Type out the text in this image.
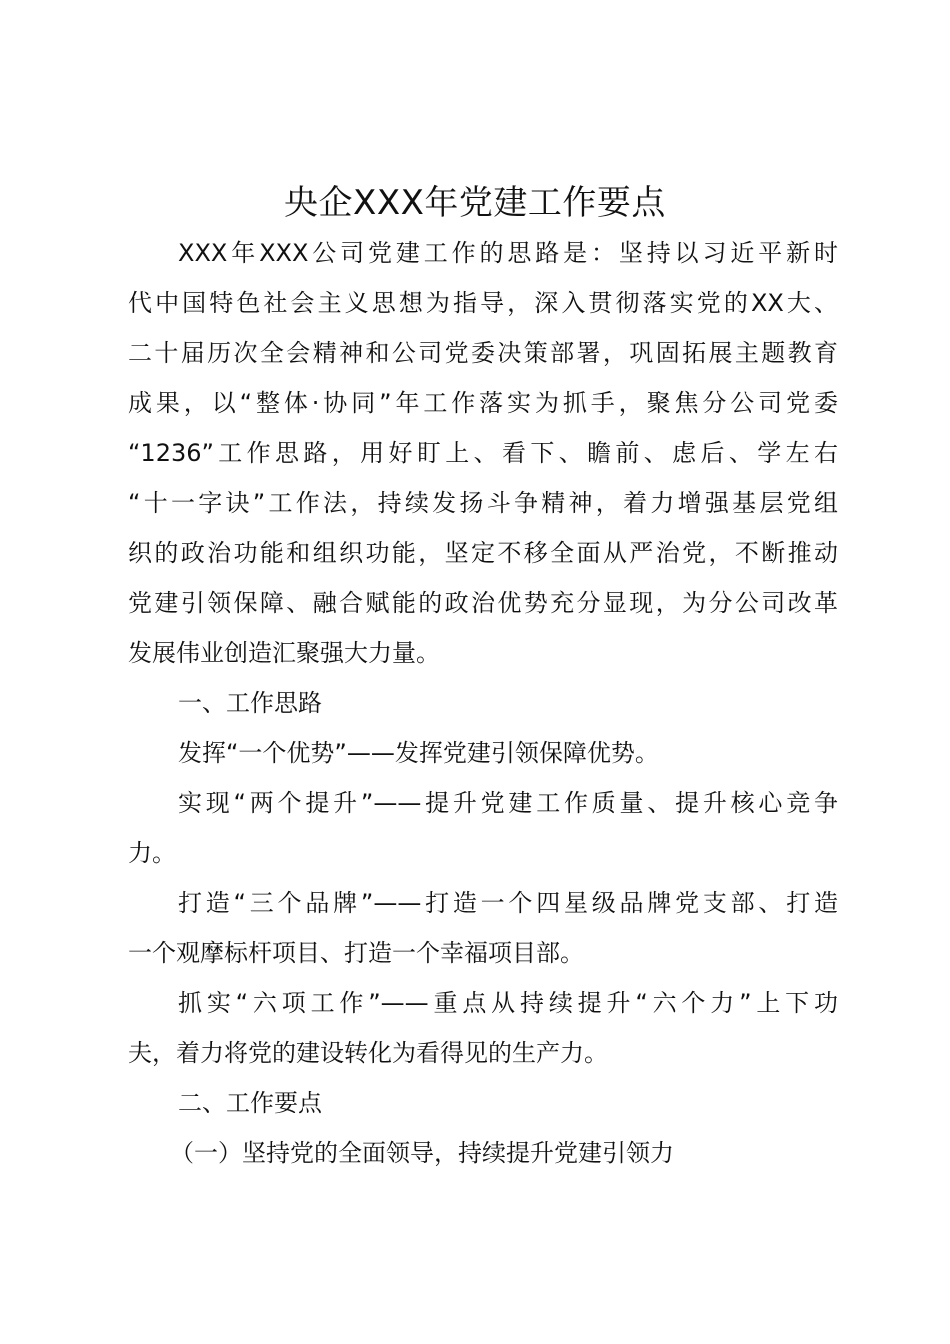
央企XXX年党建工作要点
XXX年XXX公司党建工作的思路是：坚持以习近平新时
代中国特色社会主义思想为指导，深入贯彻落实党的XX大、
二十届历次全会精神和公司党委决策部署，巩固拓展主题教育
成果，以“整体·协同”年工作落实为抓手，聚焦分公司党委
“1236”工作思路，用好盯上、看下、瞻前、虑后、学左右
“十一字诀”工作法，持续发扬斗争精神，着力增强基层党组
织的政治功能和组织功能，坚定不移全面从严治党，不断推动
党建引领保障、融合赋能的政治优势充分显现，为分公司改革
发展伟业创造汇聚强大力量。
一、工作思路
发挥“一个优势”——发挥党建引领保障优势。
实现“两个提升”——提升党建工作质量、提升核心竞争
力。
打造“三个品牌”——打造一个四星级品牌党支部、打造
一个观摩标杆项目、打造一个幸福项目部。
抓实“六项工作”——重点从持续提升“六个力”上下功
夫，着力将党的建设转化为看得见的生产力。
二、工作要点
（一）坚持党的全面领导，持续提升党建引领力
